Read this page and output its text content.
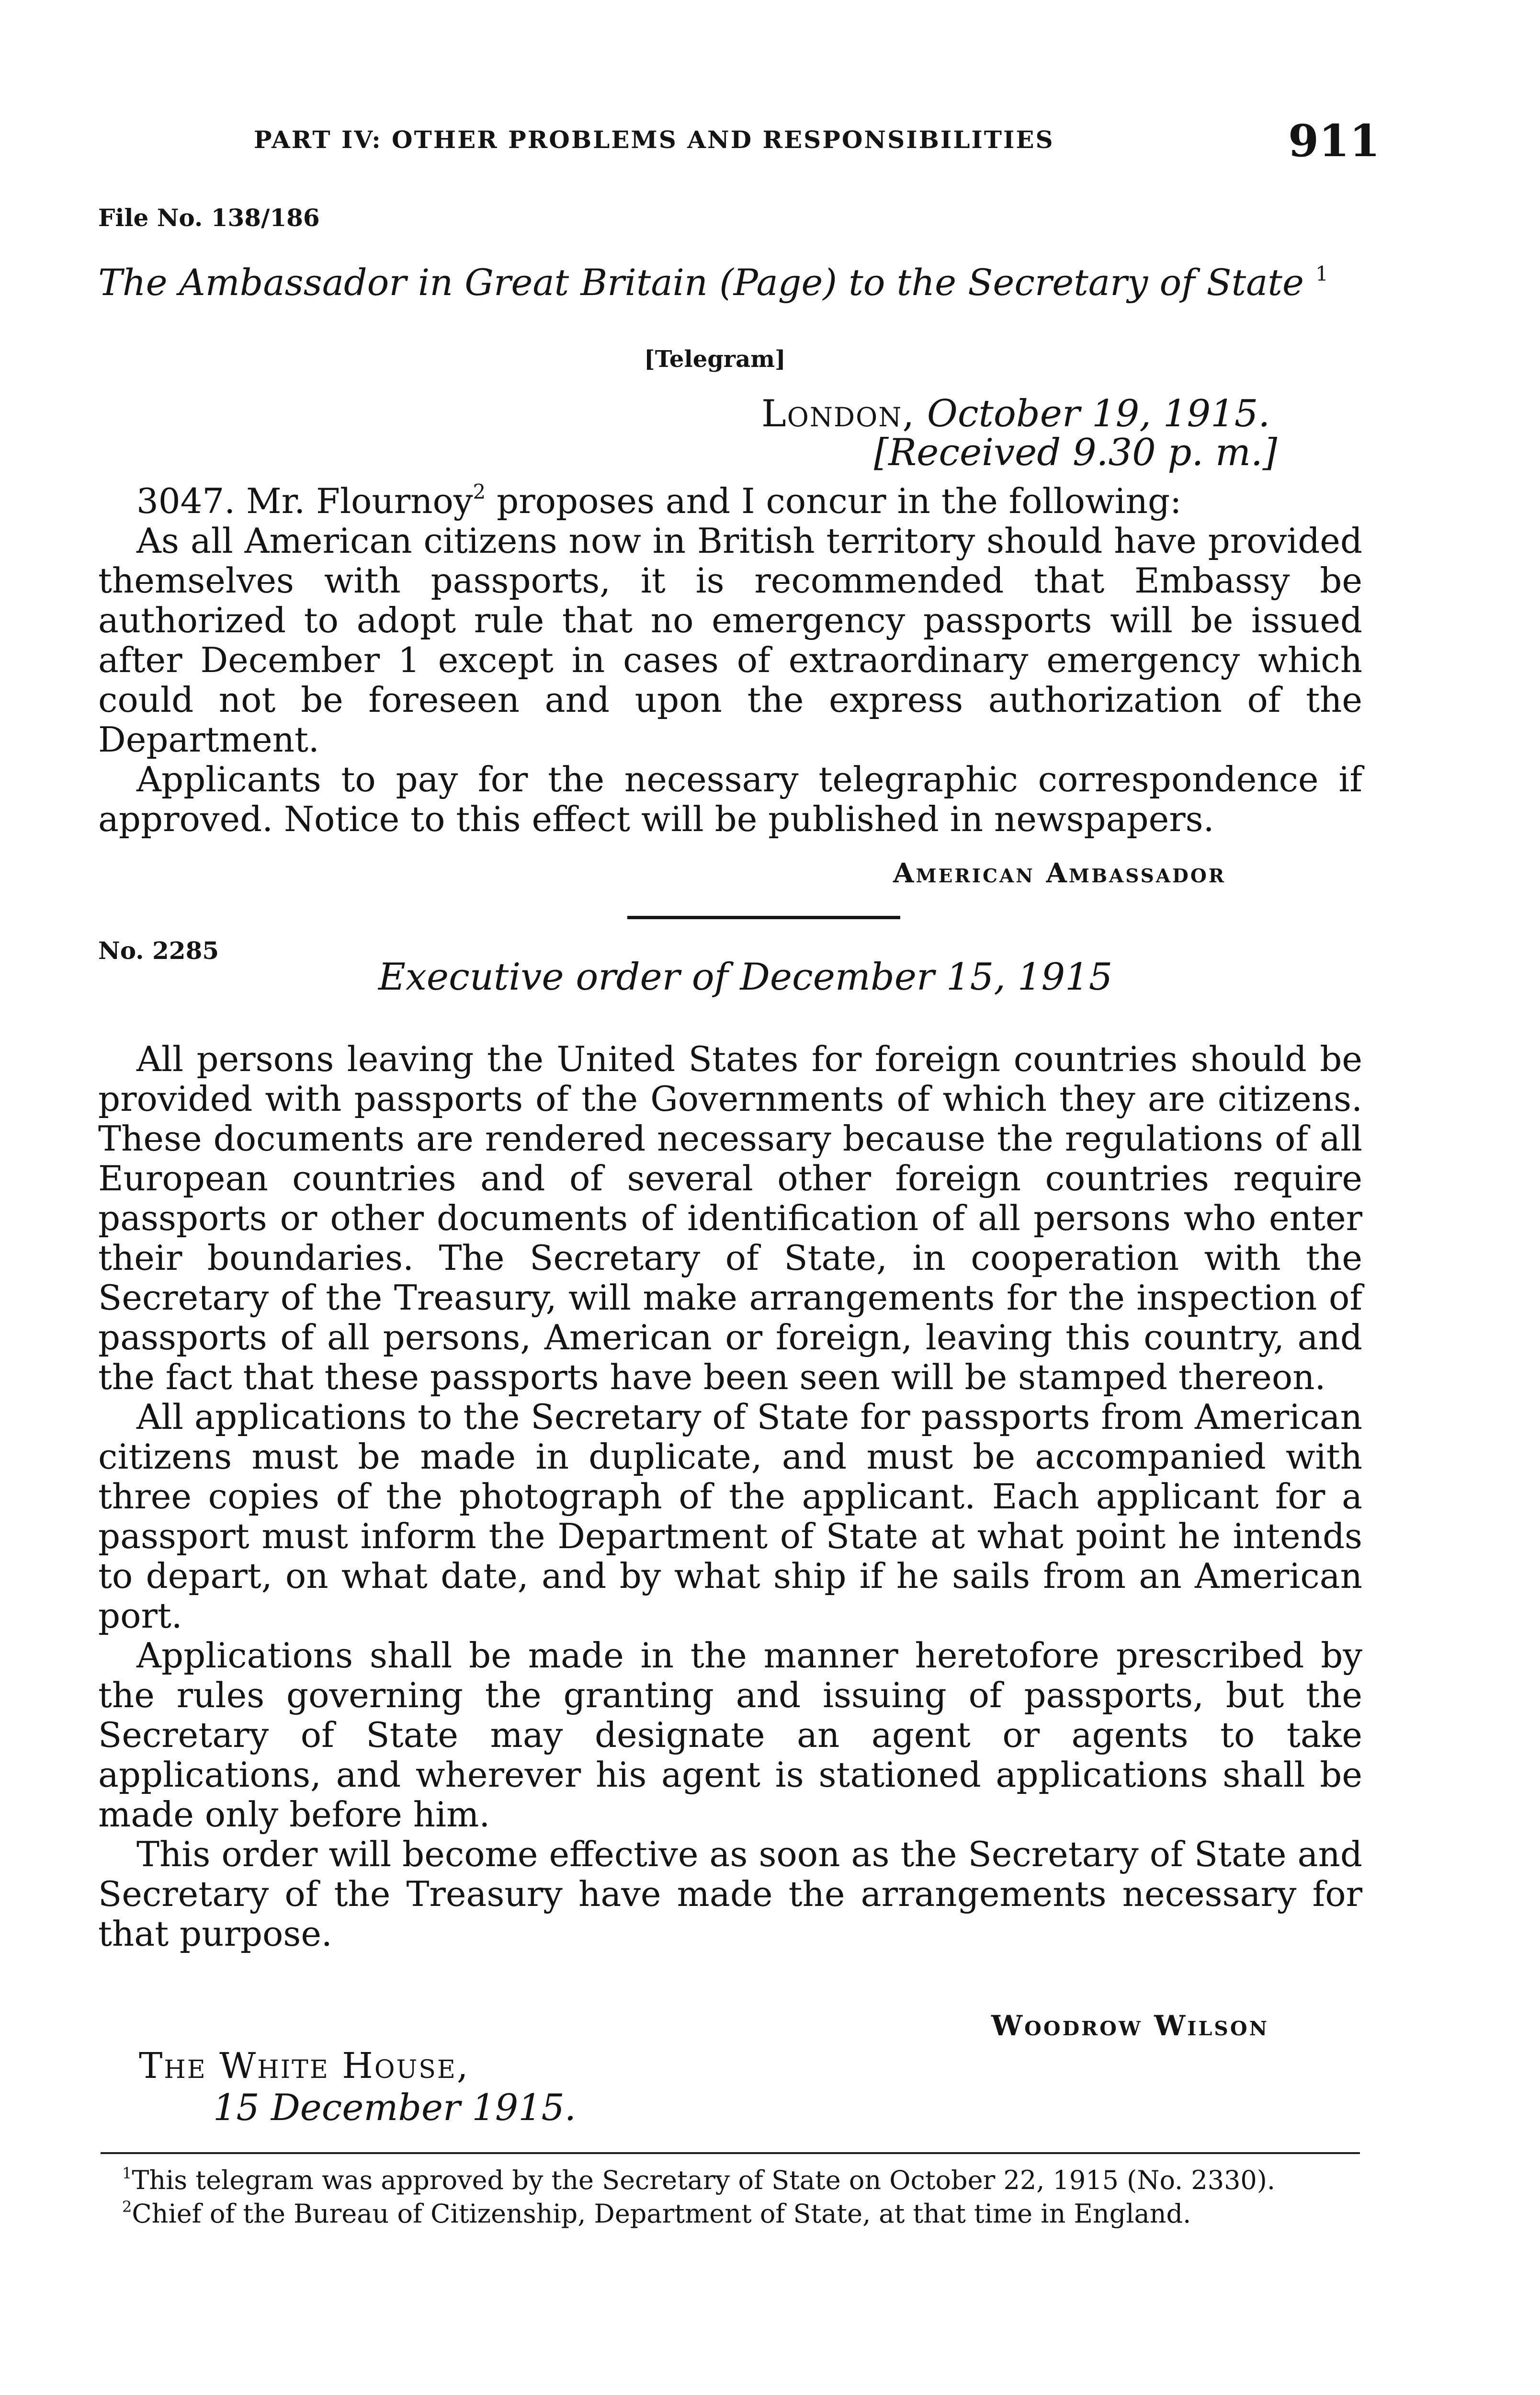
PART IV: OTHER PROBLEMS AND RESPONSIBILITIES	911
File No. 138/186
The Ambassador in Great Britain (Page) to the Secretary of State $^1$
[Telegram]
London, October 19, 1915.
[Received 9.30 p. m.]

3047. Mr. Flournoy$^2$ proposes and I concur in the following:

As all American citizens now in British territory should have provided themselves with passports, it is recommended that Embassy be authorized to adopt rule that no emergency passports will be issued after December 1 except in cases of extraordinary emergency which could not be foreseen and upon the express authorization of the Department.

Applicants to pay for the necessary telegraphic correspondence if approved. Notice to this effect will be published in newspapers.

American Ambassador
No. 2285
Executive order of December 15, 1915

All persons leaving the United States for foreign countries should be provided with passports of the Governments of which they are citizens. These documents are rendered necessary because the regulations of all European countries and of several other foreign countries require passports or other documents of identification of all persons who enter their boundaries. The Secretary of State, in cooperation with the Secretary of the Treasury, will make arrangements for the inspection of passports of all persons, American or foreign, leaving this country, and the fact that these passports have been seen will be stamped thereon.

All applications to the Secretary of State for passports from American citizens must be made in duplicate, and must be accompanied with three copies of the photograph of the applicant. Each applicant for a passport must inform the Department of State at what point he intends to depart, on what date, and by what ship if he sails from an American port.

Applications shall be made in the manner heretofore prescribed by the rules governing the granting and issuing of passports, but the Secretary of State may designate an agent or agents to take applications, and wherever his agent is stationed applications shall be made only before him.

This order will become effective as soon as the Secretary of State and Secretary of the Treasury have made the arrangements necessary for that purpose.

Woodrow Wilson
The White House,
15 December 1915.

$^1$This telegram was approved by the Secretary of State on October 22, 1915 (No. 2330).

$^2$Chief of the Bureau of Citizenship, Department of State, at that time in England.
